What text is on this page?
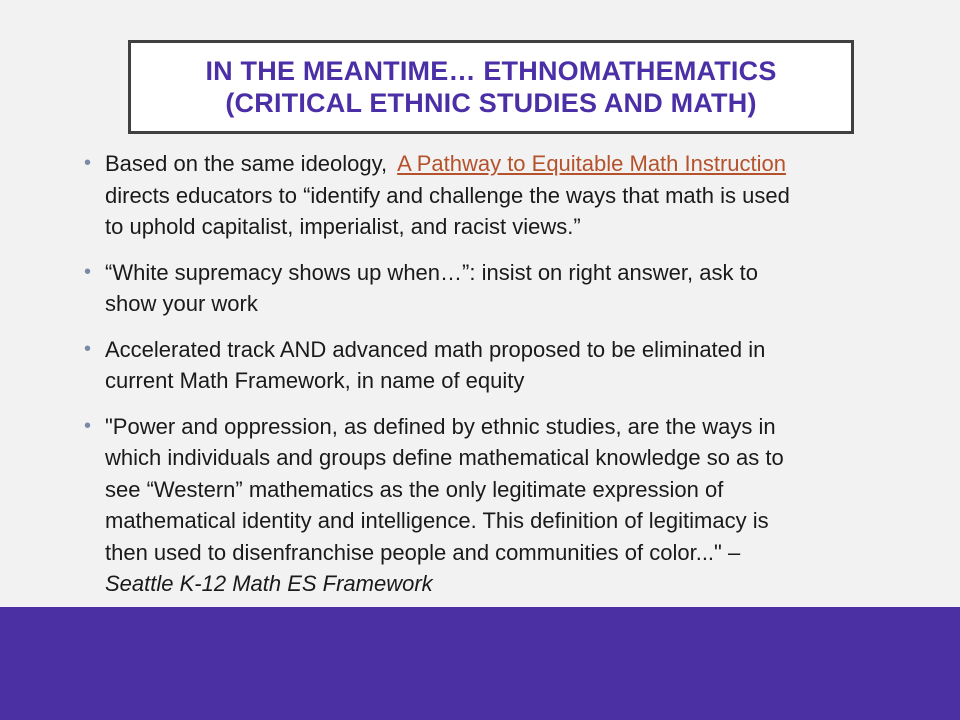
IN THE MEANTIME… ETHNOMATHEMATICS
(CRITICAL ETHNIC STUDIES AND MATH)
• Based on the same ideology, A Pathway to Equitable Math Instruction
directs educators to “identify and challenge the ways that math is used
to uphold capitalist, imperialist, and racist views.”
• “White supremacy shows up when…”: insist on right answer, ask to
show your work
• Accelerated track AND advanced math proposed to be eliminated in
current Math Framework, in name of equity
• "Power and oppression, as defined by ethnic studies, are the ways in
which individuals and groups define mathematical knowledge so as to
see “Western” mathematics as the only legitimate expression of
mathematical identity and intelligence. This definition of legitimacy is
then used to disenfranchise people and communities of color..." –
Seattle K-12 Math ES Framework
